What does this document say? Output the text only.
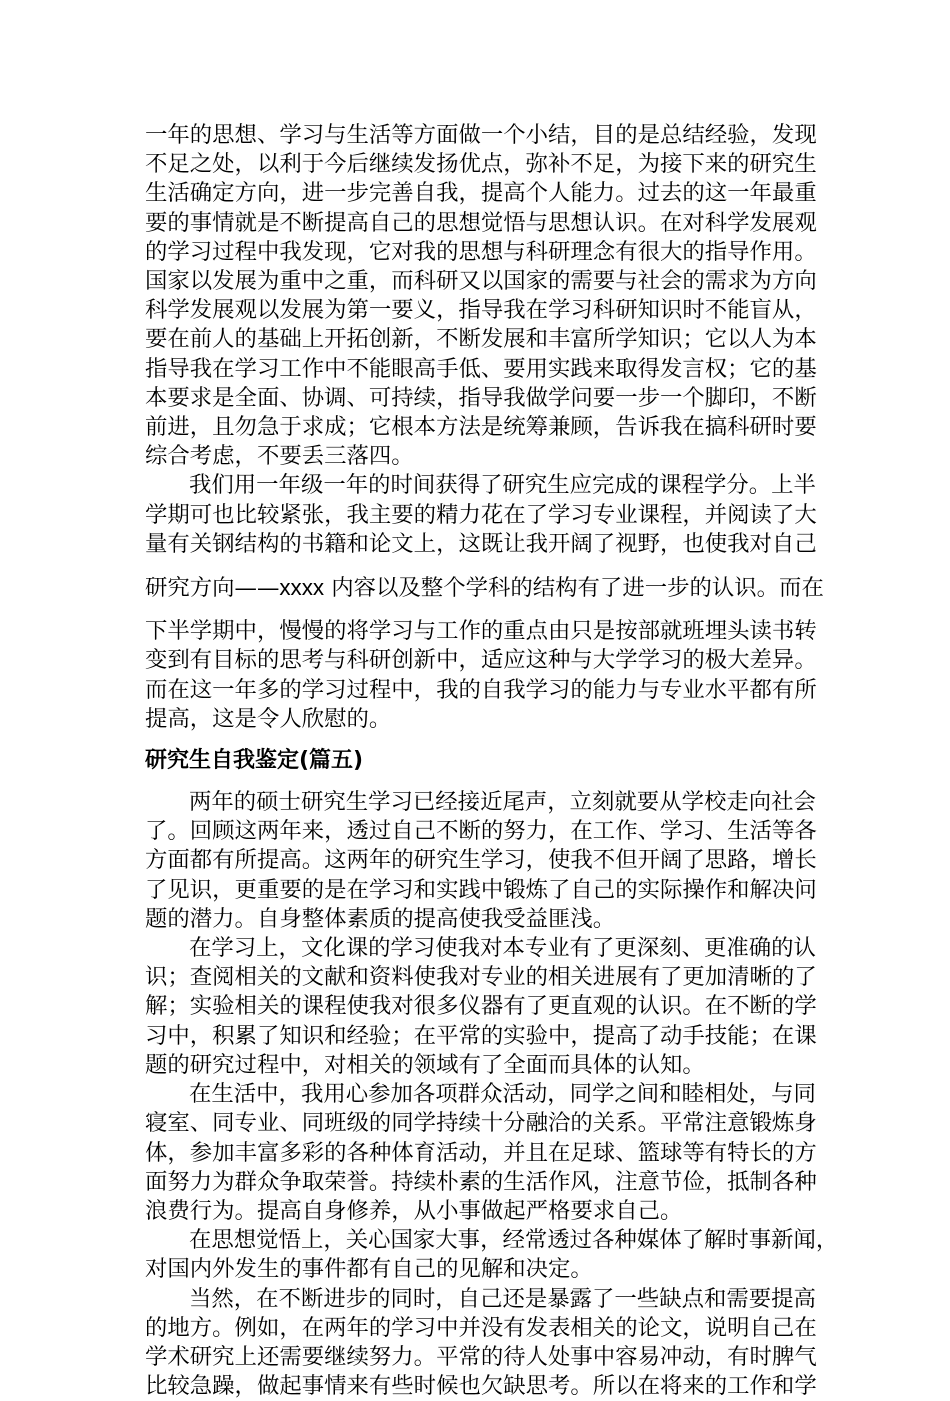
一年的思想、学习与生活等方面做一个小结，目的是总结经验，发现
不足之处，以利于今后继续发扬优点，弥补不足，为接下来的研究生
生活确定方向，进一步完善自我，提高个人能力。过去的这一年最重
要的事情就是不断提高自己的思想觉悟与思想认识。在对科学发展观
的学习过程中我发现，它对我的思想与科研理念有很大的指导作用。
国家以发展为重中之重，而科研又以国家的需要与社会的需求为方向
科学发展观以发展为第一要义，指导我在学习科研知识时不能盲从，
要在前人的基础上开拓创新，不断发展和丰富所学知识；它以人为本
指导我在学习工作中不能眼高手低、要用实践来取得发言权；它的基
本要求是全面、协调、可持续，指导我做学问要一步一个脚印，不断
前进，且勿急于求成；它根本方法是统筹兼顾，告诉我在搞科研时要
综合考虑，不要丢三落四。
我们用一年级一年的时间获得了研究生应完成的课程学分。上半
学期可也比较紧张，我主要的精力花在了学习专业课程，并阅读了大
量有关钢结构的书籍和论文上，这既让我开阔了视野，也使我对自己
研究方向——xxxx 内容以及整个学科的结构有了进一步的认识。而在
下半学期中，慢慢的将学习与工作的重点由只是按部就班埋头读书转
变到有目标的思考与科研创新中，适应这种与大学学习的极大差异。
而在这一年多的学习过程中，我的自我学习的能力与专业水平都有所
提高，这是令人欣慰的。
研究生自我鉴定(篇五)
两年的硕士研究生学习已经接近尾声，立刻就要从学校走向社会
了。回顾这两年来，透过自己不断的努力，在工作、学习、生活等各
方面都有所提高。这两年的研究生学习，使我不但开阔了思路，增长
了见识，更重要的是在学习和实践中锻炼了自己的实际操作和解决问
题的潜力。自身整体素质的提高使我受益匪浅。
在学习上，文化课的学习使我对本专业有了更深刻、更准确的认
识；查阅相关的文献和资料使我对专业的相关进展有了更加清晰的了
解；实验相关的课程使我对很多仪器有了更直观的认识。在不断的学
习中，积累了知识和经验；在平常的实验中，提高了动手技能；在课
题的研究过程中，对相关的领域有了全面而具体的认知。
在生活中，我用心参加各项群众活动，同学之间和睦相处，与同
寝室、同专业、同班级的同学持续十分融洽的关系。平常注意锻炼身
体，参加丰富多彩的各种体育活动，并且在足球、篮球等有特长的方
面努力为群众争取荣誉。持续朴素的生活作风，注意节俭，抵制各种
浪费行为。提高自身修养，从小事做起严格要求自己。
在思想觉悟上，关心国家大事，经常透过各种媒体了解时事新闻，
对国内外发生的事件都有自己的见解和决定。
当然，在不断进步的同时，自己还是暴露了一些缺点和需要提高
的地方。例如，在两年的学习中并没有发表相关的论文，说明自己在
学术研究上还需要继续努力。平常的待人处事中容易冲动，有时脾气
比较急躁，做起事情来有些时候也欠缺思考。所以在将来的工作和学
